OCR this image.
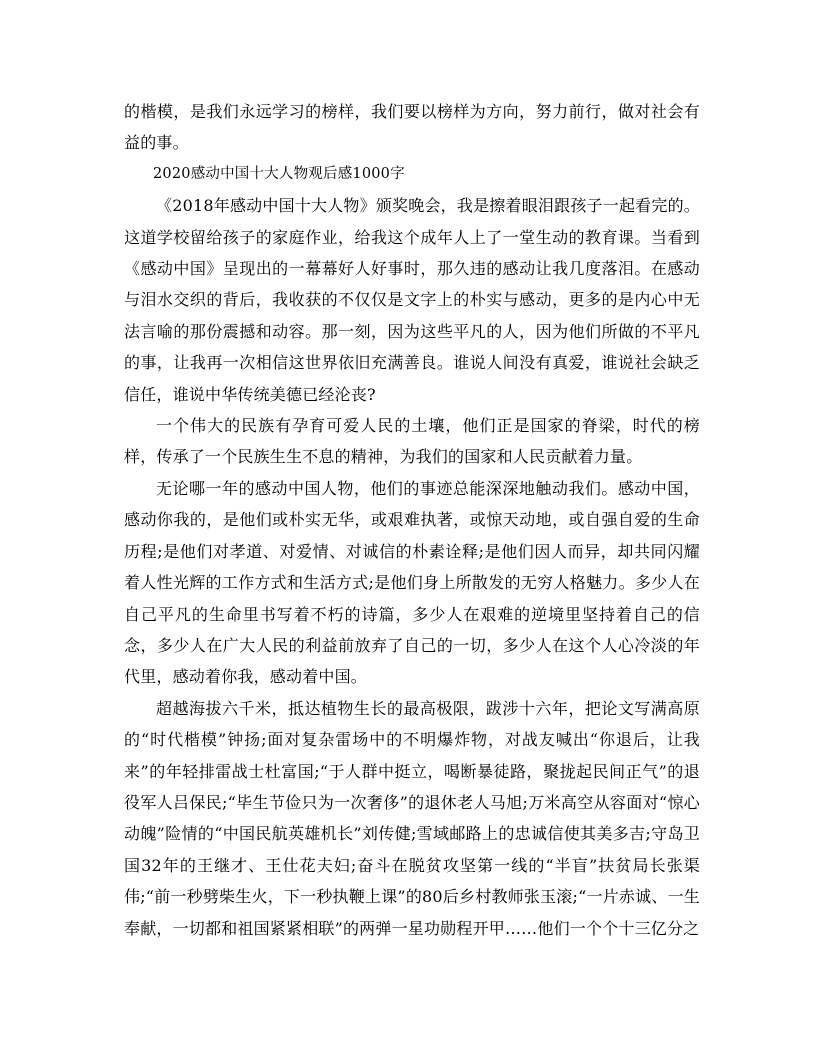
的楷模，是我们永远学习的榜样，我们要以榜样为方向，努力前行，做对社会有益的事。

2020感动中国十大人物观后感1000字

《2018年感动中国十大人物》颁奖晚会，我是擦着眼泪跟孩子一起看完的。这道学校留给孩子的家庭作业，给我这个成年人上了一堂生动的教育课。当看到《感动中国》呈现出的一幕幕好人好事时，那久违的感动让我几度落泪。在感动与泪水交织的背后，我收获的不仅仅是文字上的朴实与感动，更多的是内心中无法言喻的那份震撼和动容。那一刻，因为这些平凡的人，因为他们所做的不平凡的事，让我再一次相信这世界依旧充满善良。谁说人间没有真爱，谁说社会缺乏信任，谁说中华传统美德已经沦丧?

一个伟大的民族有孕育可爱人民的土壤，他们正是国家的脊梁，时代的榜样，传承了一个民族生生不息的精神，为我们的国家和人民贡献着力量。

无论哪一年的感动中国人物，他们的事迹总能深深地触动我们。感动中国，感动你我的，是他们或朴实无华，或艰难执著，或惊天动地，或自强自爱的生命历程;是他们对孝道、对爱情、对诚信的朴素诠释;是他们因人而异，却共同闪耀着人性光辉的工作方式和生活方式;是他们身上所散发的无穷人格魅力。多少人在自己平凡的生命里书写着不朽的诗篇，多少人在艰难的逆境里坚持着自己的信念，多少人在广大人民的利益前放弃了自己的一切，多少人在这个人心冷淡的年代里，感动着你我，感动着中国。

超越海拔六千米，抵达植物生长的最高极限，跋涉十六年，把论文写满高原的“时代楷模”钟扬;面对复杂雷场中的不明爆炸物，对战友喊出“你退后，让我来”的年轻排雷战士杜富国;“于人群中挺立，喝断暴徒路，聚拢起民间正气”的退役军人吕保民;“毕生节俭只为一次奢侈”的退休老人马旭;万米高空从容面对“惊心动魄”险情的“中国民航英雄机长”刘传健;雪域邮路上的忠诚信使其美多吉;守岛卫国32年的王继才、王仕花夫妇;奋斗在脱贫攻坚第一线的“半盲”扶贫局长张渠伟;“前一秒劈柴生火，下一秒执鞭上课”的80后乡村教师张玉滚;“一片赤诚、一生奉献，一切都和祖国紧紧相联”的两弹一星功勋程开甲……他们一个个十三亿分之
